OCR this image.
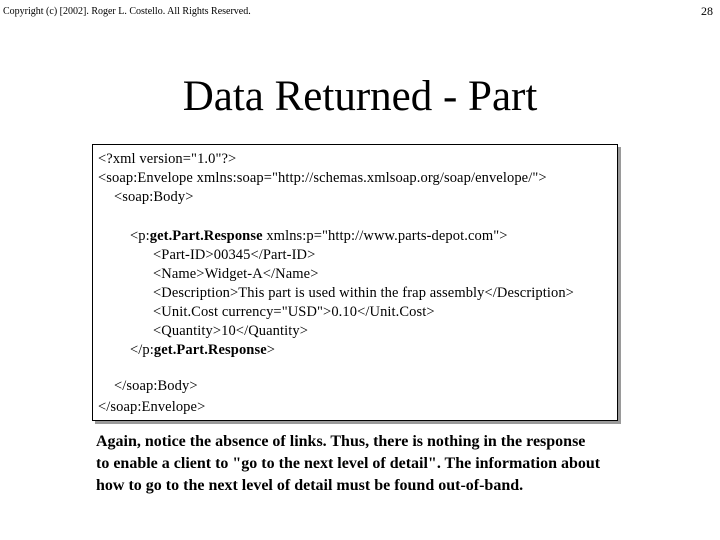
Copyright (c) [2002]. Roger L. Costello. All Rights Reserved.	28
Data Returned - Part
<?xml version="1.0"?>
<soap:Envelope xmlns:soap="http://schemas.xmlsoap.org/soap/envelope/">
<soap:Body>
<p:get.Part.Response xmlns:p="http://www.parts-depot.com">
<Part-ID>00345</Part-ID>
<Name>Widget-A</Name>
<Description>This part is used within the frap assembly</Description>
<Unit.Cost currency="USD">0.10</Unit.Cost>
<Quantity>10</Quantity>
</p:get.Part.Response>
</soap:Body>
</soap:Envelope>
Again, notice the absence of links. Thus, there is nothing in the response
to enable a client to "go to the next level of detail". The information about
how to go to the next level of detail must be found out-of-band.
